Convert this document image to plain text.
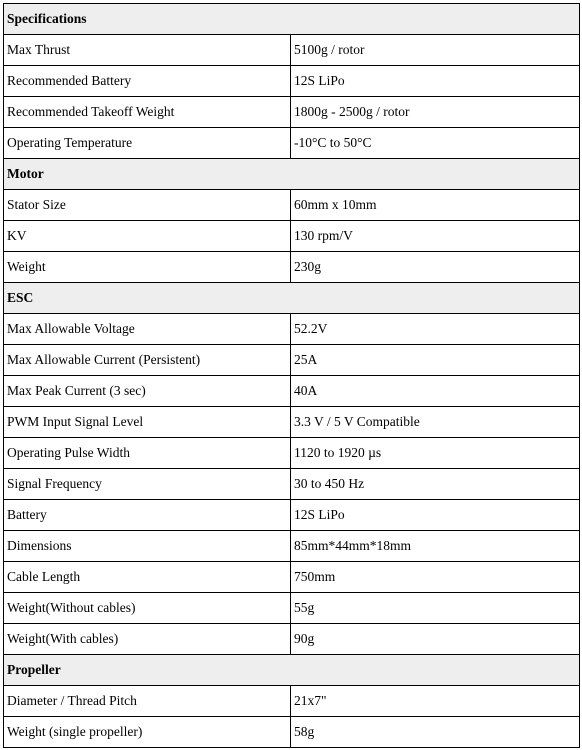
Specifications	
Max Thrust	5100g / rotor
Recommended Battery	12S LiPo
Recommended Takeoff Weight	1800g - 2500g / rotor
Operating Temperature	-10°C to 50°C
Motor	
Stator Size	60mm x 10mm
KV	130 rpm/V
Weight	230g
ESC	
Max Allowable Voltage	52.2V
Max Allowable Current (Persistent)	25A
Max Peak Current (3 sec)	40A
PWM Input Signal Level	3.3 V / 5 V Compatible
Operating Pulse Width	1120 to 1920 µs
Signal Frequency	30 to 450 Hz
Battery	12S LiPo
Dimensions	85mm*44mm*18mm
Cable Length	750mm
Weight(Without cables)	55g
Weight(With cables)	90g
Propeller	
Diameter / Thread Pitch	21x7"
Weight (single propeller)	58g
